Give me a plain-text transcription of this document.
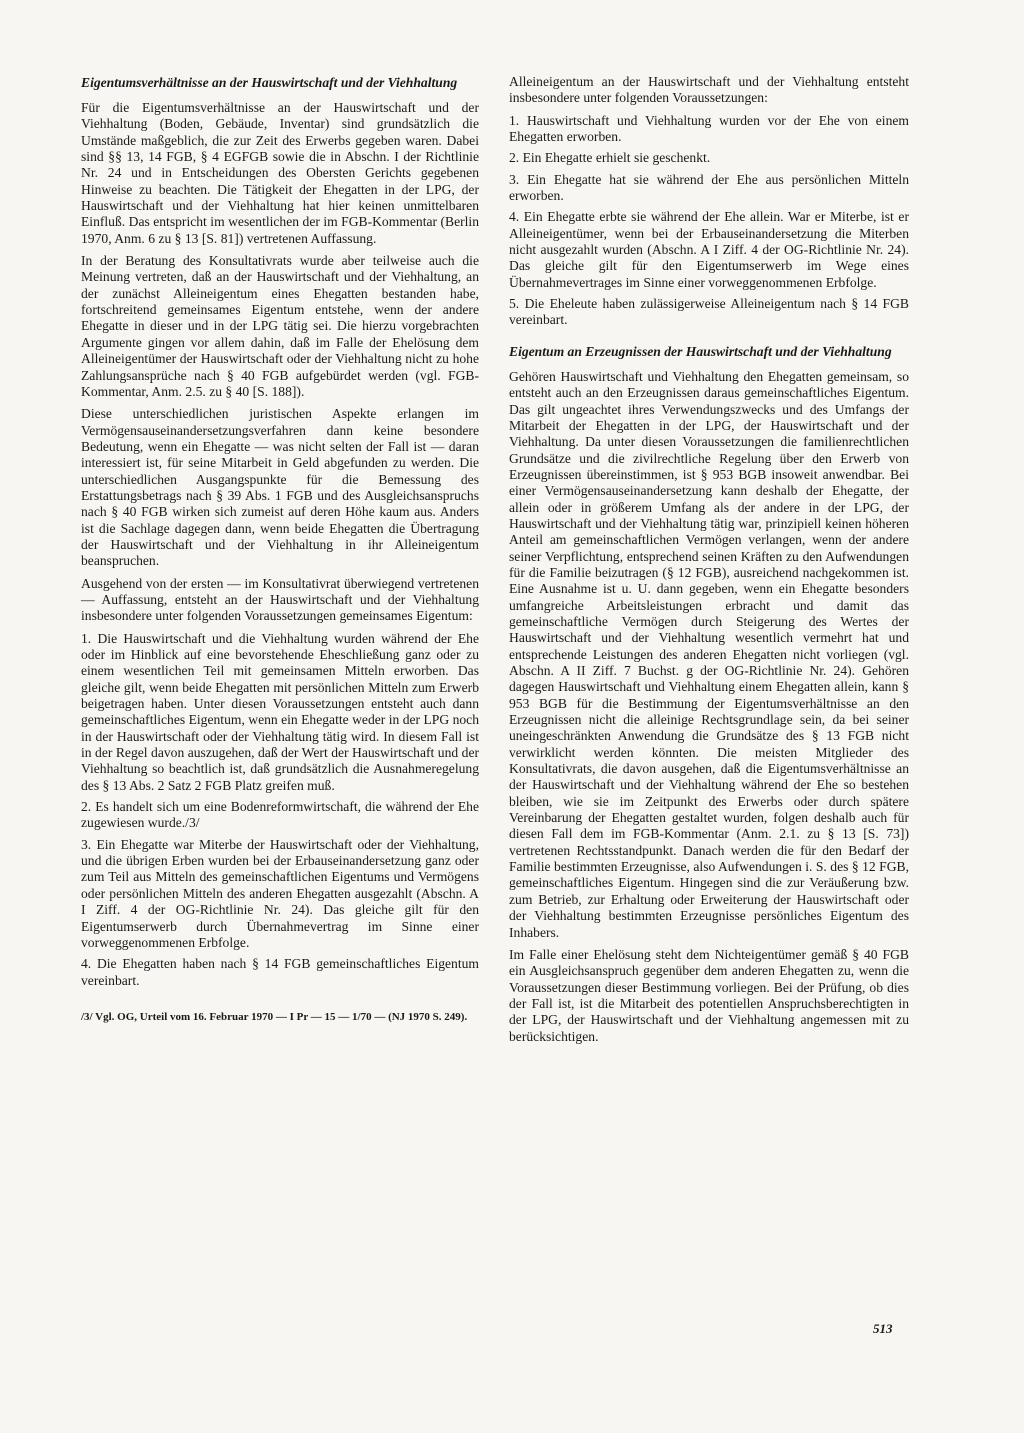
Eigentumsverhältnisse an der Hauswirtschaft und der Viehhaltung

Für die Eigentumsverhältnisse an der Hauswirtschaft und der Viehhaltung (Boden, Gebäude, Inventar) sind grundsätzlich die Umstände maßgeblich, die zur Zeit des Erwerbs gegeben waren. Dabei sind §§ 13, 14 FGB, § 4 EGFGB sowie die in Abschn. I der Richtlinie Nr. 24 und in Entscheidungen des Obersten Gerichts gegebenen Hinweise zu beachten. Die Tätigkeit der Ehegatten in der LPG, der Hauswirtschaft und der Viehhaltung hat hier keinen unmittelbaren Einfluß. Das entspricht im wesentlichen der im FGB-Kommentar (Berlin 1970, Anm. 6 zu § 13 [S. 81]) vertretenen Auffassung.

In der Beratung des Konsultativrats wurde aber teilweise auch die Meinung vertreten, daß an der Hauswirtschaft und der Viehhaltung, an der zunächst Alleineigentum eines Ehegatten bestanden habe, fortschreitend gemeinsames Eigentum entstehe, wenn der andere Ehegatte in dieser und in der LPG tätig sei. Die hierzu vorgebrachten Argumente gingen vor allem dahin, daß im Falle der Ehelösung dem Alleineigentümer der Hauswirtschaft oder der Viehhaltung nicht zu hohe Zahlungsansprüche nach § 40 FGB aufgebürdet werden (vgl. FGB-Kommentar, Anm. 2.5. zu § 40 [S. 188]).

Diese unterschiedlichen juristischen Aspekte erlangen im Vermögensauseinandersetzungsverfahren dann keine besondere Bedeutung, wenn ein Ehegatte — was nicht selten der Fall ist — daran interessiert ist, für seine Mitarbeit in Geld abgefunden zu werden. Die unterschiedlichen Ausgangspunkte für die Bemessung des Erstattungsbetrags nach § 39 Abs. 1 FGB und des Ausgleichsanspruchs nach § 40 FGB wirken sich zumeist auf deren Höhe kaum aus. Anders ist die Sachlage dagegen dann, wenn beide Ehegatten die Übertragung der Hauswirtschaft und der Viehhaltung in ihr Alleineigentum beanspruchen.

Ausgehend von der ersten — im Konsultativrat überwiegend vertretenen — Auffassung, entsteht an der Hauswirtschaft und der Viehhaltung insbesondere unter folgenden Voraussetzungen gemeinsames Eigentum:

1. Die Hauswirtschaft und die Viehhaltung wurden während der Ehe oder im Hinblick auf eine bevorstehende Eheschließung ganz oder zu einem wesentlichen Teil mit gemeinsamen Mitteln erworben. Das gleiche gilt, wenn beide Ehegatten mit persönlichen Mitteln zum Erwerb beigetragen haben. Unter diesen Voraussetzungen entsteht auch dann gemeinschaftliches Eigentum, wenn ein Ehegatte weder in der LPG noch in der Hauswirtschaft oder der Viehhaltung tätig wird. In diesem Fall ist in der Regel davon auszugehen, daß der Wert der Hauswirtschaft und der Viehhaltung so beachtlich ist, daß grundsätzlich die Ausnahmeregelung des § 13 Abs. 2 Satz 2 FGB Platz greifen muß.

2. Es handelt sich um eine Bodenreformwirtschaft, die während der Ehe zugewiesen wurde./3/

3. Ein Ehegatte war Miterbe der Hauswirtschaft oder der Viehhaltung, und die übrigen Erben wurden bei der Erbauseinandersetzung ganz oder zum Teil aus Mitteln des gemeinschaftlichen Eigentums und Vermögens oder persönlichen Mitteln des anderen Ehegatten ausgezahlt (Abschn. A I Ziff. 4 der OG-Richtlinie Nr. 24). Das gleiche gilt für den Eigentumserwerb durch Übernahmevertrag im Sinne einer vorweggenommenen Erbfolge.

4. Die Ehegatten haben nach § 14 FGB gemeinschaftliches Eigentum vereinbart.

/3/ Vgl. OG, Urteil vom 16. Februar 1970 — I Pr — 15 — 1/70 — (NJ 1970 S. 249).

Alleineigentum an der Hauswirtschaft und der Viehhaltung entsteht insbesondere unter folgenden Voraussetzungen:

1. Hauswirtschaft und Viehhaltung wurden vor der Ehe von einem Ehegatten erworben.

2. Ein Ehegatte erhielt sie geschenkt.

3. Ein Ehegatte hat sie während der Ehe aus persönlichen Mitteln erworben.

4. Ein Ehegatte erbte sie während der Ehe allein. War er Miterbe, ist er Alleineigentümer, wenn bei der Erbauseinandersetzung die Miterben nicht ausgezahlt wurden (Abschn. A I Ziff. 4 der OG-Richtlinie Nr. 24). Das gleiche gilt für den Eigentumserwerb im Wege eines Übernahmevertrages im Sinne einer vorweggenommenen Erbfolge.

5. Die Eheleute haben zulässigerweise Alleineigentum nach § 14 FGB vereinbart.

Eigentum an Erzeugnissen der Hauswirtschaft und der Viehhaltung

Gehören Hauswirtschaft und Viehhaltung den Ehegatten gemeinsam, so entsteht auch an den Erzeugnissen daraus gemeinschaftliches Eigentum. Das gilt ungeachtet ihres Verwendungszwecks und des Umfangs der Mitarbeit der Ehegatten in der LPG, der Hauswirtschaft und der Viehhaltung. Da unter diesen Voraussetzungen die familienrechtlichen Grundsätze und die zivilrechtliche Regelung über den Erwerb von Erzeugnissen übereinstimmen, ist § 953 BGB insoweit anwendbar. Bei einer Vermögensauseinandersetzung kann deshalb der Ehegatte, der allein oder in größerem Umfang als der andere in der LPG, der Hauswirtschaft und der Viehhaltung tätig war, prinzipiell keinen höheren Anteil am gemeinschaftlichen Vermögen verlangen, wenn der andere seiner Verpflichtung, entsprechend seinen Kräften zu den Aufwendungen für die Familie beizutragen (§ 12 FGB), ausreichend nachgekommen ist. Eine Ausnahme ist u. U. dann gegeben, wenn ein Ehegatte besonders umfangreiche Arbeitsleistungen erbracht und damit das gemeinschaftliche Vermögen durch Steigerung des Wertes der Hauswirtschaft und der Viehhaltung wesentlich vermehrt hat und entsprechende Leistungen des anderen Ehegatten nicht vorliegen (vgl. Abschn. A II Ziff. 7 Buchst. g der OG-Richtlinie Nr. 24). Gehören dagegen Hauswirtschaft und Viehhaltung einem Ehegatten allein, kann § 953 BGB für die Bestimmung der Eigentumsverhältnisse an den Erzeugnissen nicht die alleinige Rechtsgrundlage sein, da bei seiner uneingeschränkten Anwendung die Grundsätze des § 13 FGB nicht verwirklicht werden könnten. Die meisten Mitglieder des Konsultativrats, die davon ausgehen, daß die Eigentumsverhältnisse an der Hauswirtschaft und der Viehhaltung während der Ehe so bestehen bleiben, wie sie im Zeitpunkt des Erwerbs oder durch spätere Vereinbarung der Ehegatten gestaltet wurden, folgen deshalb auch für diesen Fall dem im FGB-Kommentar (Anm. 2.1. zu § 13 [S. 73]) vertretenen Rechtsstandpunkt. Danach werden die für den Bedarf der Familie bestimmten Erzeugnisse, also Aufwendungen i. S. des § 12 FGB, gemeinschaftliches Eigentum. Hingegen sind die zur Veräußerung bzw. zum Betrieb, zur Erhaltung oder Erweiterung der Hauswirtschaft oder der Viehhaltung bestimmten Erzeugnisse persönliches Eigentum des Inhabers.

Im Falle einer Ehelösung steht dem Nichteigentümer gemäß § 40 FGB ein Ausgleichsanspruch gegenüber dem anderen Ehegatten zu, wenn die Voraussetzungen dieser Bestimmung vorliegen. Bei der Prüfung, ob dies der Fall ist, ist die Mitarbeit des potentiellen Anspruchsberechtigten in der LPG, der Hauswirtschaft und der Viehhaltung angemessen mit zu berücksichtigen.

513
